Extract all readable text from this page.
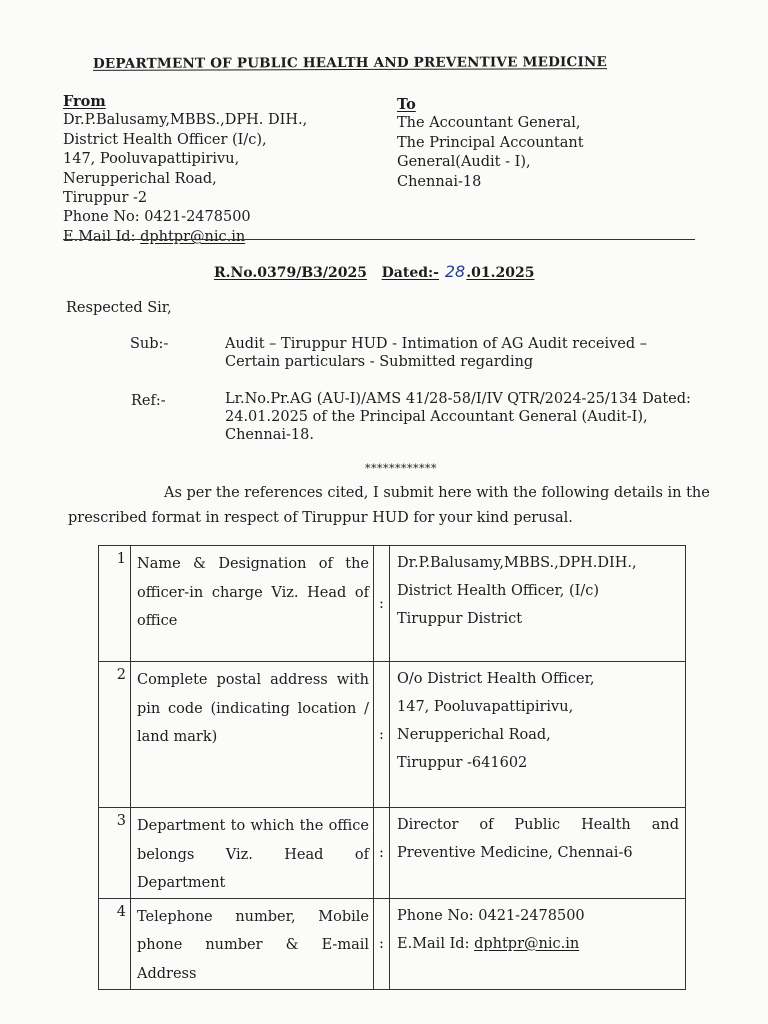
DEPARTMENT OF PUBLIC HEALTH AND PREVENTIVE MEDICINE
From
Dr.P.Balusamy,MBBS.,DPH. DIH.,
District Health Officer (I/c),
147, Pooluvapattipirivu,
Nerupperichal Road,
Tiruppur -2
Phone No: 0421-2478500
E.Mail Id: dphtpr@nic.in
To
The Accountant General,
The Principal Accountant
General(Audit - I),
Chennai-18
R.No.0379/B3/2025 Dated:- 28.01.2025
Respected Sir,
Sub:-	Audit – Tiruppur HUD - Intimation of AG Audit received – Certain particulars - Submitted regarding
Ref:-	Lr.No.Pr.AG (AU-I)/AMS 41/28-58/I/IV QTR/2024-25/134 Dated: 24.01.2025 of the Principal Accountant General (Audit-I), Chennai-18.
************
As per the references cited, I submit here with the following details in the prescribed format in respect of Tiruppur HUD for your kind perusal.
1	Name & Designation of the officer-in charge Viz. Head of office	:	Dr.P.Balusamy,MBBS.,DPH.DIH.,
District Health Officer, (I/c)
Tiruppur District

2	Complete postal address with pin code (indicating location / land mark)	:	O/o District Health Officer,
147, Pooluvapattipirivu,
Nerupperichal Road,
Tiruppur -641602

3	Department to which the office belongs Viz. Head of Department	:	Director of Public Health and
Preventive Medicine, Chennai-6

4	Telephone number, Mobile phone number & E-mail Address	:	Phone No: 0421-2478500
E.Mail Id: dphtpr@nic.in
